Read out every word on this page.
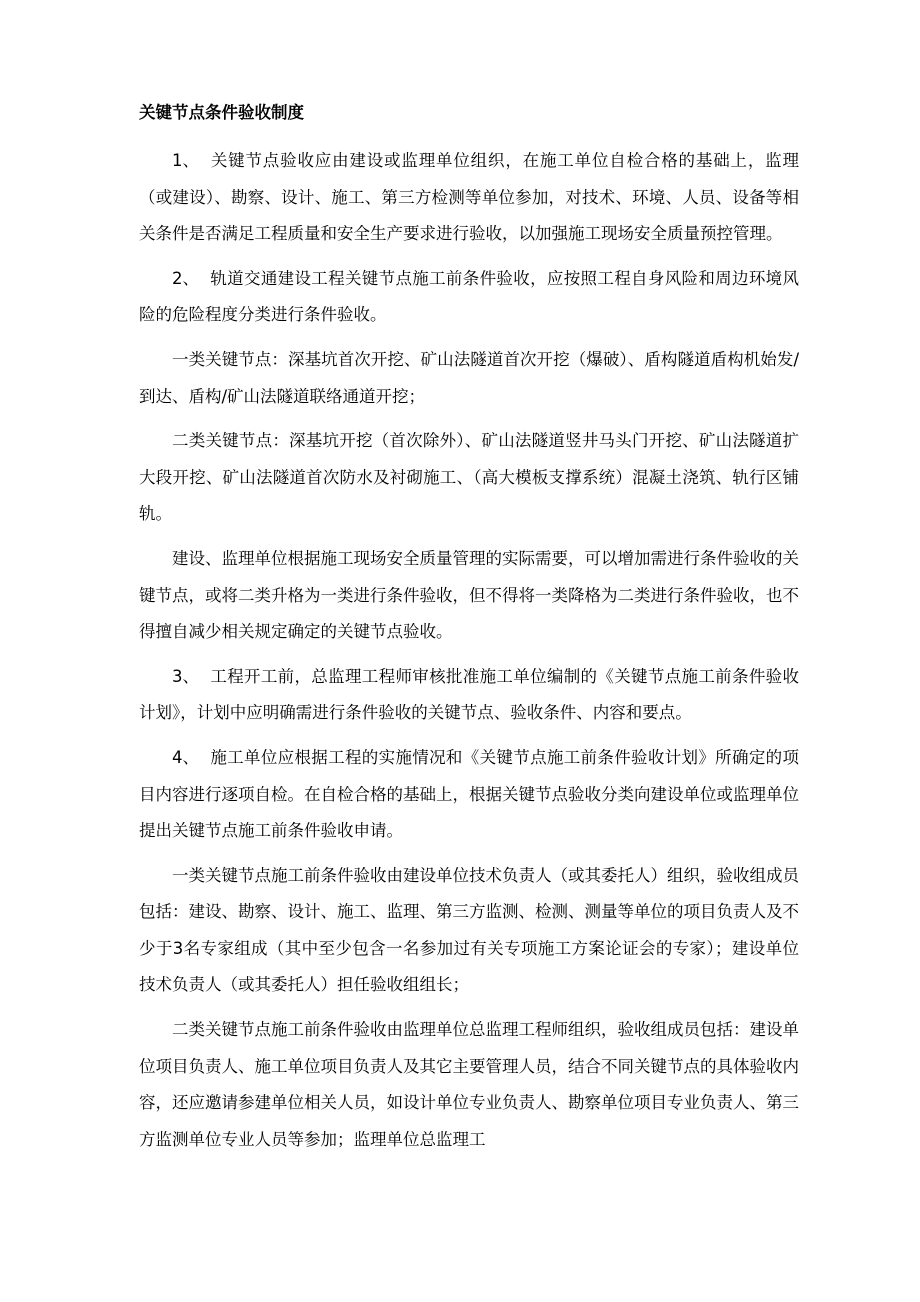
关键节点条件验收制度

1、 关键节点验收应由建设或监理单位组织，在施工单位自检合格的基础上，监理（或建设）、勘察、设计、施工、第三方检测等单位参加，对技术、环境、人员、设备等相关条件是否满足工程质量和安全生产要求进行验收，以加强施工现场安全质量预控管理。

2、 轨道交通建设工程关键节点施工前条件验收，应按照工程自身风险和周边环境风险的危险程度分类进行条件验收。

一类关键节点：深基坑首次开挖、矿山法隧道首次开挖（爆破）、盾构隧道盾构机始发/到达、盾构/矿山法隧道联络通道开挖；

二类关键节点：深基坑开挖（首次除外）、矿山法隧道竖井马头门开挖、矿山法隧道扩大段开挖、矿山法隧道首次防水及衬砌施工、（高大模板支撑系统）混凝土浇筑、轨行区铺轨。

建设、监理单位根据施工现场安全质量管理的实际需要，可以增加需进行条件验收的关键节点，或将二类升格为一类进行条件验收，但不得将一类降格为二类进行条件验收，也不得擅自减少相关规定确定的关键节点验收。

3、 工程开工前，总监理工程师审核批准施工单位编制的《关键节点施工前条件验收计划》，计划中应明确需进行条件验收的关键节点、验收条件、内容和要点。

4、 施工单位应根据工程的实施情况和《关键节点施工前条件验收计划》所确定的项目内容进行逐项自检。在自检合格的基础上，根据关键节点验收分类向建设单位或监理单位提出关键节点施工前条件验收申请。

一类关键节点施工前条件验收由建设单位技术负责人（或其委托人）组织，验收组成员包括：建设、勘察、设计、施工、监理、第三方监测、检测、测量等单位的项目负责人及不少于3名专家组成（其中至少包含一名参加过有关专项施工方案论证会的专家）；建设单位技术负责人（或其委托人）担任验收组组长；

二类关键节点施工前条件验收由监理单位总监理工程师组织，验收组成员包括：建设单位项目负责人、施工单位项目负责人及其它主要管理人员，结合不同关键节点的具体验收内容，还应邀请参建单位相关人员，如设计单位专业负责人、勘察单位项目专业负责人、第三方监测单位专业人员等参加；监理单位总监理工
